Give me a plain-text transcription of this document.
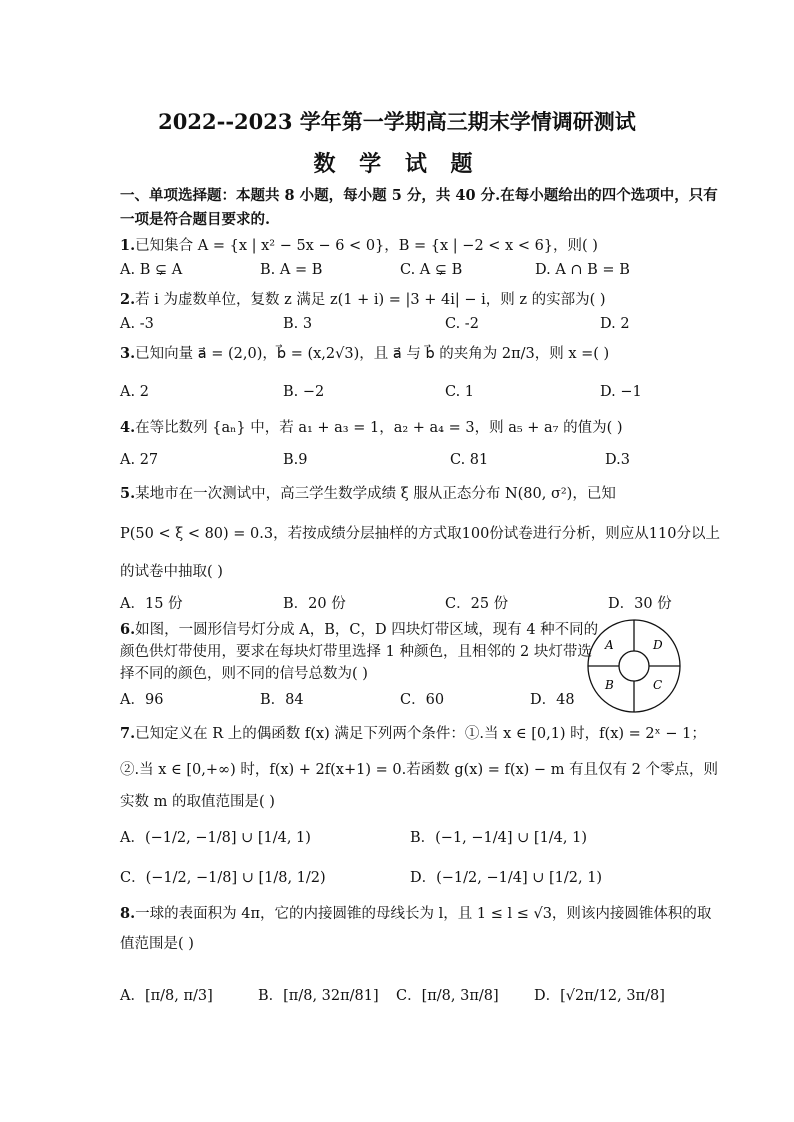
2022--2023 学年第一学期高三期末学情调研测试
数 学 试 题
一、单项选择题：本题共 8 小题，每小题 5 分，共 40 分.在每小题给出的四个选项中，只有
一项是符合题目要求的.
1.已知集合 A = {x | x² − 5x − 6 < 0}，B = {x | −2 < x < 6}，则( )
A. B ⊊ A	B. A = B	C. A ⊊ B	D. A ∩ B = B
2.若 i 为虚数单位，复数 z 满足 z(1 + i) = |3 + 4i| − i，则 z 的实部为( )
A. -3	B. 3	C. -2	D. 2
3.已知向量 a⃗ = (2,0)，b⃗ = (x,2√3)，且 a⃗ 与 b⃗ 的夹角为 2π/3，则 x =( )
A. 2	B. −2	C. 1	D. −1
4.在等比数列 {aₙ} 中，若 a₁ + a₃ = 1，a₂ + a₄ = 3，则 a₅ + a₇ 的值为( )
A. 27	B.9	C. 81	D.3
5.某地市在一次测试中，高三学生数学成绩 ξ 服从正态分布 N(80, σ²)，已知
P(50 < ξ < 80) = 0.3，若按成绩分层抽样的方式取100份试卷进行分析，则应从110分以上
的试卷中抽取( )
A．15 份	B．20 份	C．25 份	D．30 份
6.如图，一圆形信号灯分成 A，B，C，D 四块灯带区域，现有 4 种不同的
颜色供灯带使用，要求在每块灯带里选择 1 种颜色，且相邻的 2 块灯带选
择不同的颜色，则不同的信号总数为( )
A．96	B．84	C．60	D．48
A	D
B	C
7.已知定义在 R 上的偶函数 f(x) 满足下列两个条件：①.当 x ∈ [0,1) 时，f(x) = 2ˣ − 1；
②.当 x ∈ [0,+∞) 时，f(x) + 2f(x+1) = 0.若函数 g(x) = f(x) − m 有且仅有 2 个零点，则
实数 m 的取值范围是( )
A．(−1/2, −1/8] ∪ [1/4, 1)	B．(−1, −1/4] ∪ [1/4, 1)
C．(−1/2, −1/8] ∪ [1/8, 1/2)	D．(−1/2, −1/4] ∪ [1/2, 1)
8.一球的表面积为 4π，它的内接圆锥的母线长为 l，且 1 ≤ l ≤ √3，则该内接圆锥体积的取
值范围是( )
A．[π/8, π/3]	B．[π/8, 32π/81] C．[π/8, 3π/8] D．[√2π/12, 3π/8]
